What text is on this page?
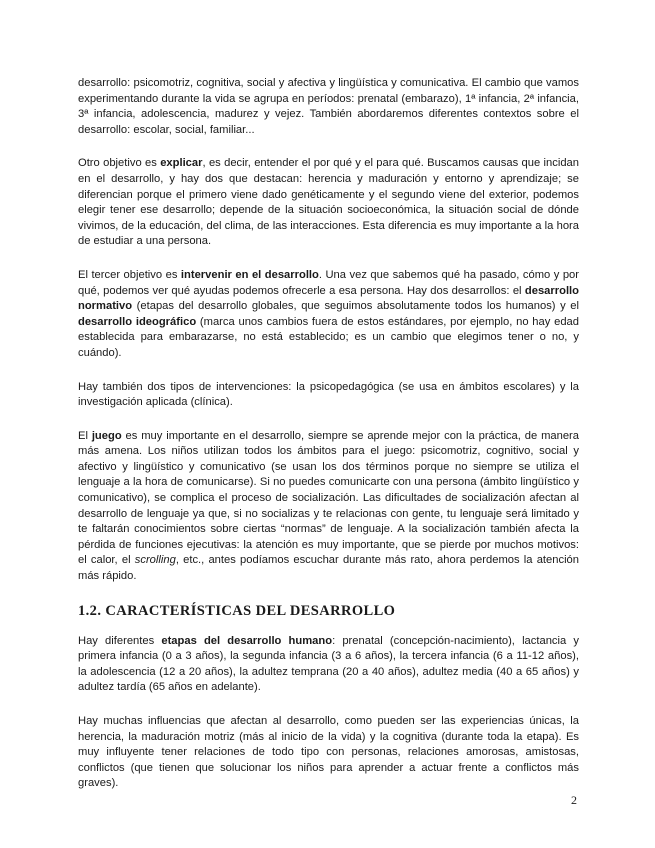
desarrollo: psicomotriz, cognitiva, social y afectiva y lingüística y comunicativa. El cambio que vamos experimentando durante la vida se agrupa en períodos: prenatal (embarazo), 1ª infancia, 2ª infancia, 3ª infancia, adolescencia, madurez y vejez. También abordaremos diferentes contextos sobre el desarrollo: escolar, social, familiar...

Otro objetivo es explicar, es decir, entender el por qué y el para qué. Buscamos causas que incidan en el desarrollo, y hay dos que destacan: herencia y maduración y entorno y aprendizaje; se diferencian porque el primero viene dado genéticamente y el segundo viene del exterior, podemos elegir tener ese desarrollo; depende de la situación socioeconómica, la situación social de dónde vivimos, de la educación, del clima, de las interacciones. Esta diferencia es muy importante a la hora de estudiar a una persona.

El tercer objetivo es intervenir en el desarrollo. Una vez que sabemos qué ha pasado, cómo y por qué, podemos ver qué ayudas podemos ofrecerle a esa persona. Hay dos desarrollos: el desarrollo normativo (etapas del desarrollo globales, que seguimos absolutamente todos los humanos) y el desarrollo ideográfico (marca unos cambios fuera de estos estándares, por ejemplo, no hay edad establecida para embarazarse, no está establecido; es un cambio que elegimos tener o no, y cuándo).

Hay también dos tipos de intervenciones: la psicopedagógica (se usa en ámbitos escolares) y la investigación aplicada (clínica).

El juego es muy importante en el desarrollo, siempre se aprende mejor con la práctica, de manera más amena. Los niños utilizan todos los ámbitos para el juego: psicomotriz, cognitivo, social y afectivo y lingüístico y comunicativo (se usan los dos términos porque no siempre se utiliza el lenguaje a la hora de comunicarse). Si no puedes comunicarte con una persona (ámbito lingüístico y comunicativo), se complica el proceso de socialización. Las dificultades de socialización afectan al desarrollo de lenguaje ya que, si no socializas y te relacionas con gente, tu lenguaje será limitado y te faltarán conocimientos sobre ciertas “normas” de lenguaje. A la socialización también afecta la pérdida de funciones ejecutivas: la atención es muy importante, que se pierde por muchos motivos: el calor, el scrolling, etc., antes podíamos escuchar durante más rato, ahora perdemos la atención más rápido.

1.2. CARACTERÍSTICAS DEL DESARROLLO

Hay diferentes etapas del desarrollo humano: prenatal (concepción-nacimiento), lactancia y primera infancia (0 a 3 años), la segunda infancia (3 a 6 años), la tercera infancia (6 a 11-12 años), la adolescencia (12 a 20 años), la adultez temprana (20 a 40 años), adultez media (40 a 65 años) y adultez tardía (65 años en adelante).

Hay muchas influencias que afectan al desarrollo, como pueden ser las experiencias únicas, la herencia, la maduración motriz (más al inicio de la vida) y la cognitiva (durante toda la etapa). Es muy influyente tener relaciones de todo tipo con personas, relaciones amorosas, amistosas, conflictos (que tienen que solucionar los niños para aprender a actuar frente a conflictos más graves).

2
